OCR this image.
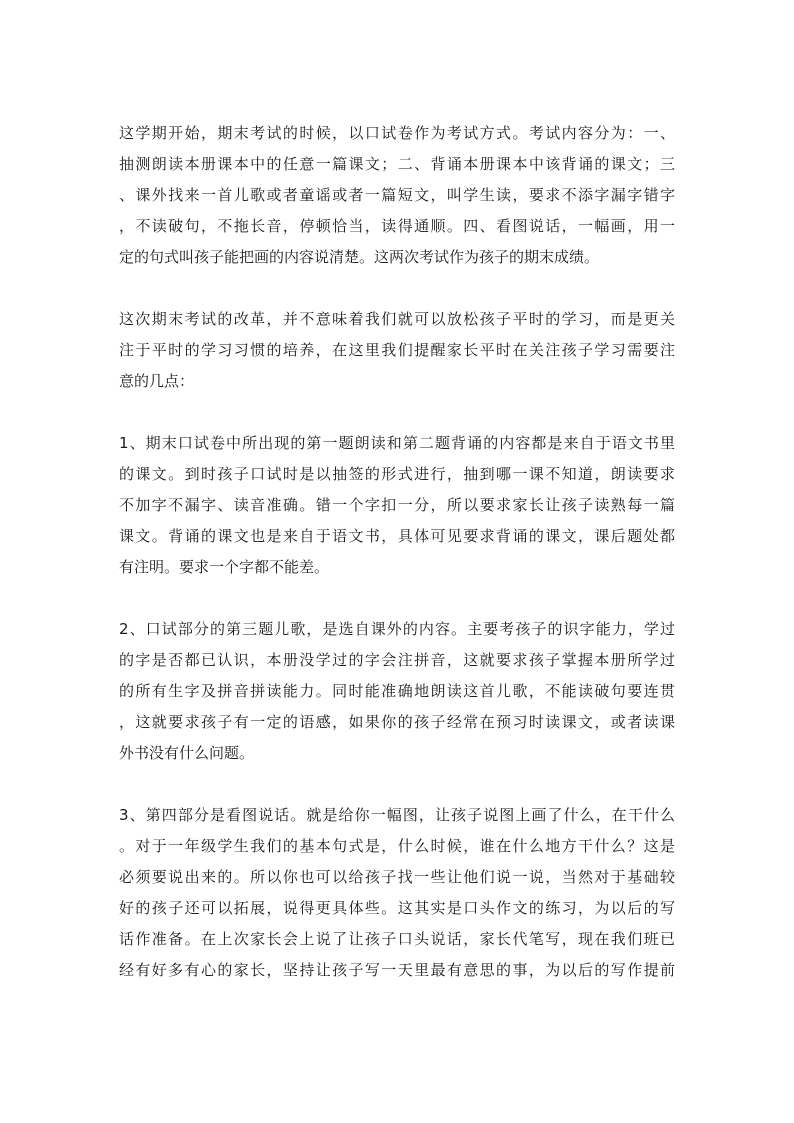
这学期开始，期末考试的时候，以口试卷作为考试方式。考试内容分为：一、
抽测朗读本册课本中的任意一篇课文；二、背诵本册课本中该背诵的课文；三
、课外找来一首儿歌或者童谣或者一篇短文，叫学生读，要求不添字漏字错字
，不读破句，不拖长音，停顿恰当，读得通顺。四、看图说话，一幅画，用一
定的句式叫孩子能把画的内容说清楚。这两次考试作为孩子的期末成绩。

这次期末考试的改革，并不意味着我们就可以放松孩子平时的学习，而是更关
注于平时的学习习惯的培养，在这里我们提醒家长平时在关注孩子学习需要注
意的几点：

1、期末口试卷中所出现的第一题朗读和第二题背诵的内容都是来自于语文书里
的课文。到时孩子口试时是以抽签的形式进行，抽到哪一课不知道，朗读要求
不加字不漏字、读音准确。错一个字扣一分，所以要求家长让孩子读熟每一篇
课文。背诵的课文也是来自于语文书，具体可见要求背诵的课文，课后题处都
有注明。要求一个字都不能差。

2、口试部分的第三题儿歌，是选自课外的内容。主要考孩子的识字能力，学过
的字是否都已认识，本册没学过的字会注拼音，这就要求孩子掌握本册所学过
的所有生字及拼音拼读能力。同时能准确地朗读这首儿歌，不能读破句要连贯
，这就要求孩子有一定的语感，如果你的孩子经常在预习时读课文，或者读课
外书没有什么问题。

3、第四部分是看图说话。就是给你一幅图，让孩子说图上画了什么，在干什么
。对于一年级学生我们的基本句式是，什么时候，谁在什么地方干什么？这是
必须要说出来的。所以你也可以给孩子找一些让他们说一说，当然对于基础较
好的孩子还可以拓展，说得更具体些。这其实是口头作文的练习，为以后的写
话作准备。在上次家长会上说了让孩子口头说话，家长代笔写，现在我们班已
经有好多有心的家长，坚持让孩子写一天里最有意思的事，为以后的写作提前
